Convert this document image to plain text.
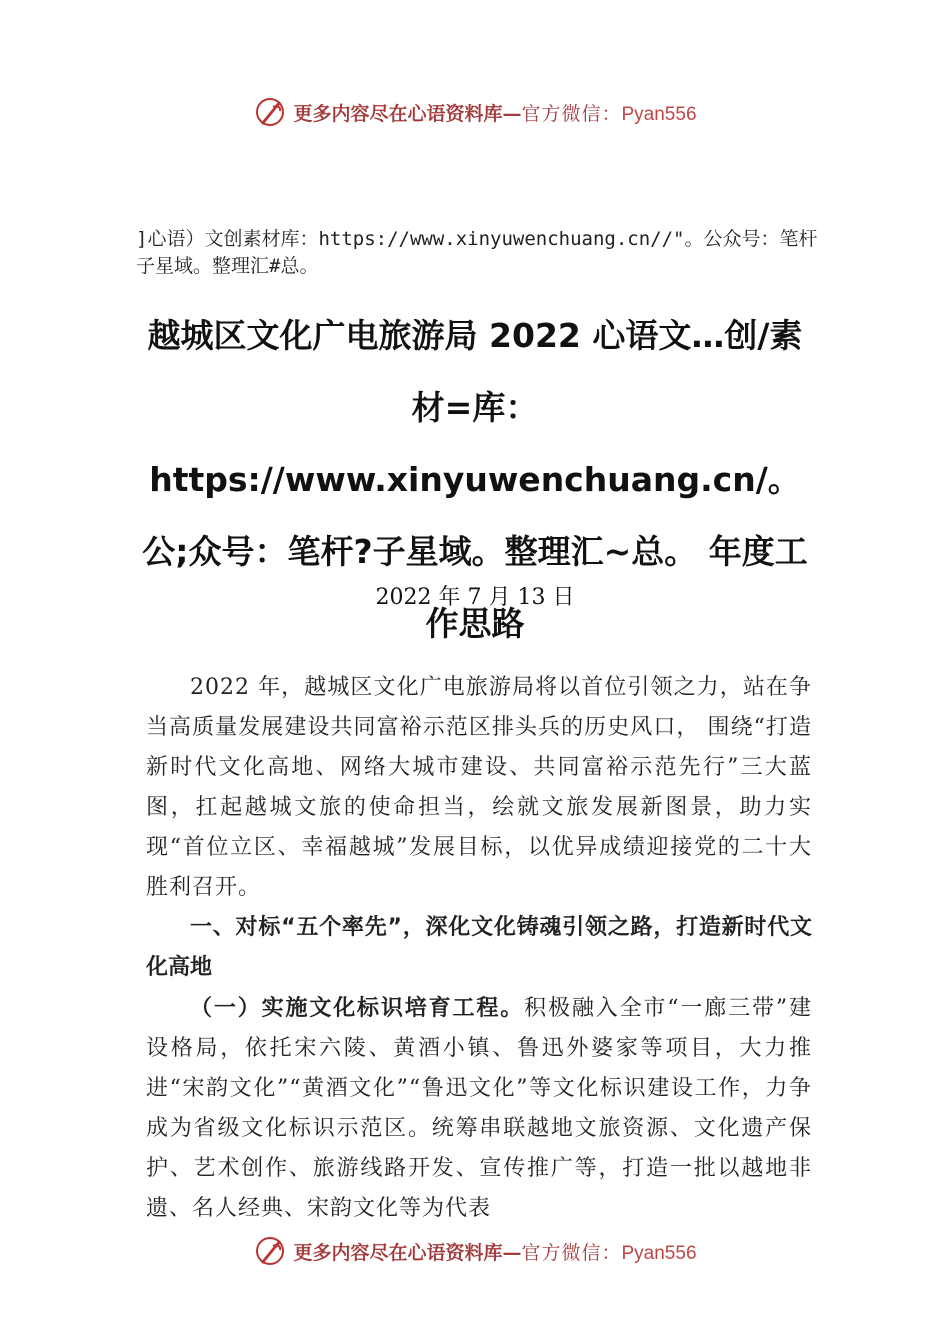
更多内容尽在心语资料库—官方微信：Pyan556
]心语）文创素材库：https://www.xinyuwenchuang.cn//"。公众号：笔杆子星域。整理汇#总。
越城区文化广电旅游局 2022 心语文…创/素材=库：https://www.xinyuwenchuang.cn/。公;众号：笔杆?子星域。整理汇~总。 年度工作思路
2022 年 7 月 13 日

2022 年，越城区文化广电旅游局将以首位引领之力，站在争当高质量发展建设共同富裕示范区排头兵的历史风口， 围绕“打造新时代文化高地、网络大城市建设、共同富裕示范先行”三大蓝图，扛起越城文旅的使命担当，绘就文旅发展新图景，助力实现“首位立区、幸福越城”发展目标，以优异成绩迎接党的二十大胜利召开。

一、对标“五个率先”，深化文化铸魂引领之路，打造新时代文化高地

（一）实施文化标识培育工程。积极融入全市“一廊三带”建设格局，依托宋六陵、黄酒小镇、鲁迅外婆家等项目，大力推进“宋韵文化”“黄酒文化”“鲁迅文化”等文化标识建设工作，力争成为省级文化标识示范区。统筹串联越地文旅资源、文化遗产保护、艺术创作、旅游线路开发、宣传推广等，打造一批以越地非遗、名人经典、宋韵文化等为代表

更多内容尽在心语资料库—官方微信：Pyan556
